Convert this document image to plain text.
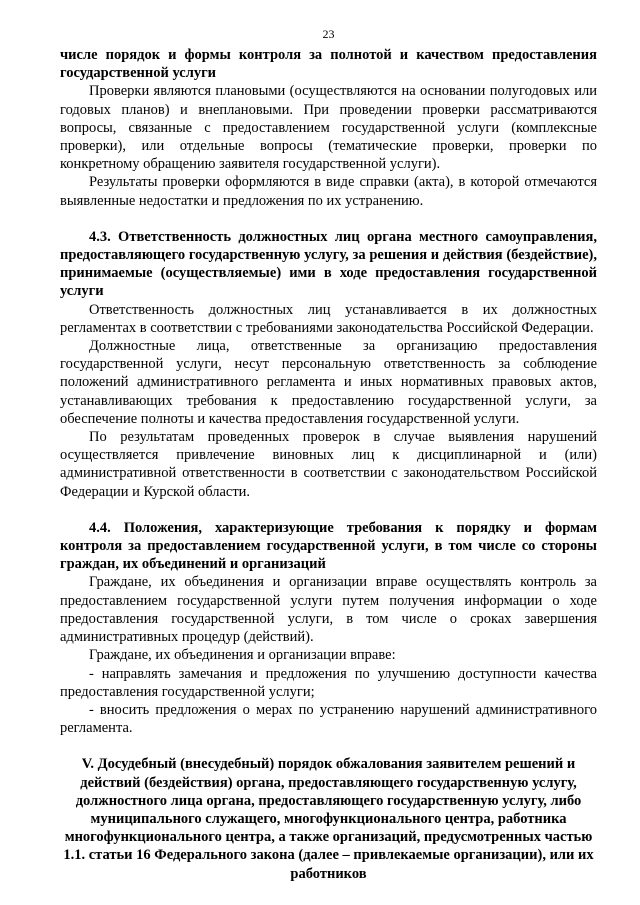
23

числе порядок и формы контроля за полнотой и качеством предоставления государственной услуги

Проверки являются плановыми (осуществляются на основании полугодовых или годовых планов) и внеплановыми. При проведении проверки рассматриваются вопросы, связанные с предоставлением государственной услуги (комплексные проверки), или отдельные вопросы (тематические проверки, проверки по конкретному обращению заявителя государственной услуги).

Результаты проверки оформляются в виде справки (акта), в которой отмечаются выявленные недостатки и предложения по их устранению.

4.3. Ответственность должностных лиц органа местного самоуправления, предоставляющего государственную услугу, за решения и действия (бездействие), принимаемые (осуществляемые) ими в ходе предоставления государственной услуги

Ответственность должностных лиц устанавливается в их должностных регламентах в соответствии с требованиями законодательства Российской Федерации.

Должностные лица, ответственные за организацию предоставления государственной услуги, несут персональную ответственность за соблюдение положений административного регламента и иных нормативных правовых актов, устанавливающих требования к предоставлению государственной услуги, за обеспечение полноты и качества предоставления государственной услуги.

По результатам проведенных проверок в случае выявления нарушений осуществляется привлечение виновных лиц к дисциплинарной и (или) административной ответственности в соответствии с законодательством Российской Федерации и Курской области.

4.4. Положения, характеризующие требования к порядку и формам контроля за предоставлением государственной услуги, в том числе со стороны граждан, их объединений и организаций

Граждане, их объединения и организации вправе осуществлять контроль за предоставлением государственной услуги путем получения информации о ходе предоставления государственной услуги, в том числе о сроках завершения административных процедур (действий).

Граждане, их объединения и организации вправе:

- направлять замечания и предложения по улучшению доступности качества предоставления государственной услуги;

- вносить предложения о мерах по устранению нарушений административного регламента.

V. Досудебный (внесудебный) порядок обжалования заявителем решений и действий (бездействия) органа, предоставляющего государственную услугу, должностного лица органа, предоставляющего государственную услугу, либо муниципального служащего, многофункционального центра, работника многофункционального центра, а также организаций, предусмотренных частью 1.1. статьи 16 Федерального закона (далее – привлекаемые организации), или их работников
